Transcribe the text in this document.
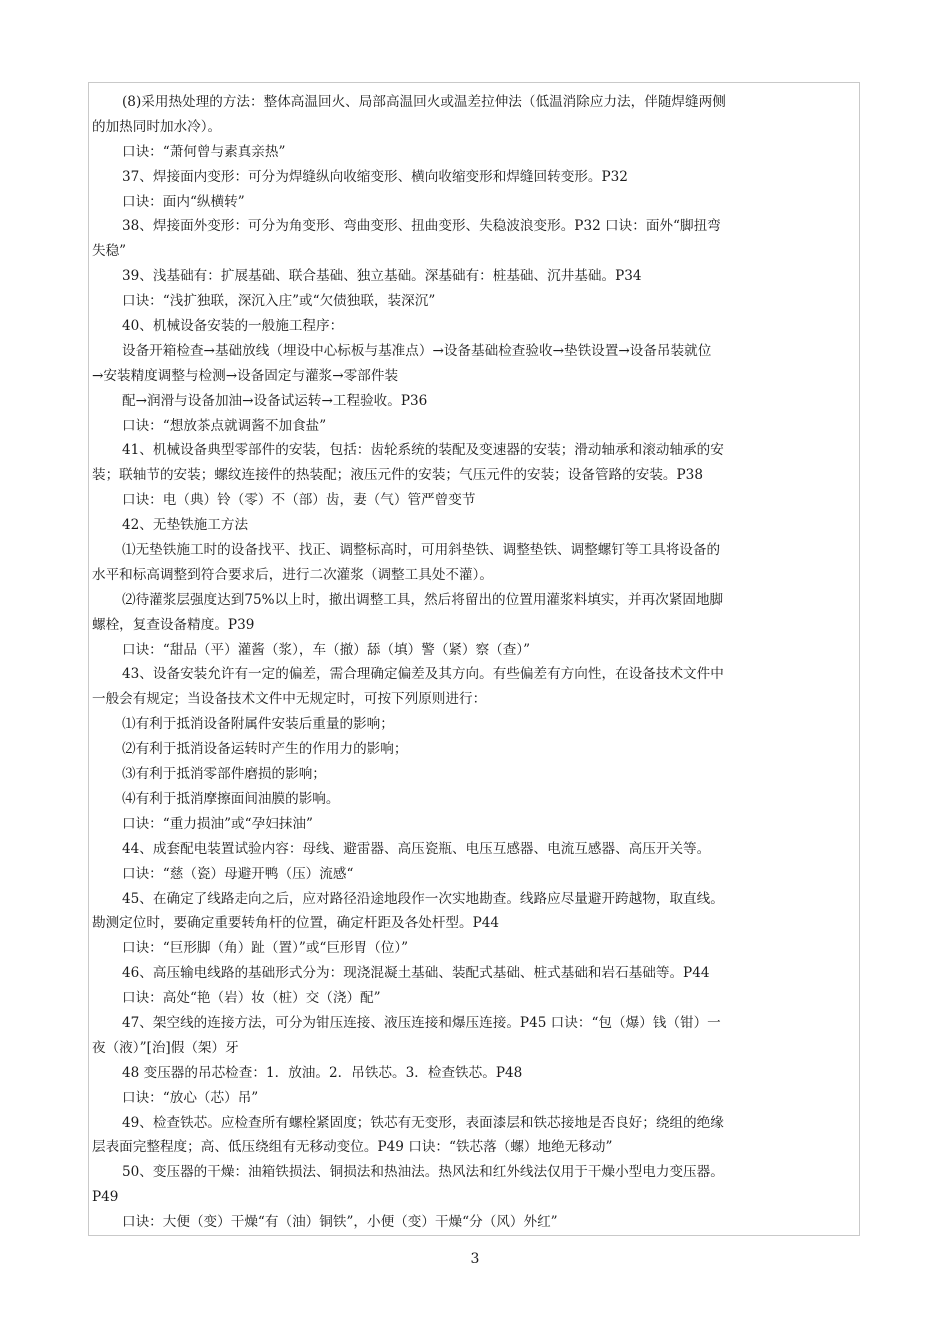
(8)采用热处理的方法：整体高温回火、局部高温回火或温差拉伸法（低温消除应力法，伴随焊缝两侧
的加热同时加水冷）。
口诀：“萧何曾与素真亲热”
37、焊接面内变形：可分为焊缝纵向收缩变形、横向收缩变形和焊缝回转变形。P32
口诀：面内“纵横转”
38、焊接面外变形：可分为角变形、弯曲变形、扭曲变形、失稳波浪变形。P32 口诀：面外“脚扭弯
失稳”
39、浅基础有：扩展基础、联合基础、独立基础。深基础有：桩基础、沉井基础。P34
口诀：“浅扩独联，深沉入庄”或“欠债独联，装深沉”
40、机械设备安装的一般施工程序：
设备开箱检查→基础放线（埋设中心标板与基准点）→设备基础检查验收→垫铁设置→设备吊装就位
→安装精度调整与检测→设备固定与灌浆→零部件装
配→润滑与设备加油→设备试运转→工程验收。P36
口诀：“想放茶点就调酱不加食盐”
41、机械设备典型零部件的安装，包括：齿轮系统的装配及变速器的安装；滑动轴承和滚动轴承的安
装；联轴节的安装；螺纹连接件的热装配；液压元件的安装；气压元件的安装；设备管路的安装。P38
口诀：电（典）铃（零）不（部）齿，妻（气）管严曾变节
42、无垫铁施工方法
⑴无垫铁施工时的设备找平、找正、调整标高时，可用斜垫铁、调整垫铁、调整螺钉等工具将设备的
水平和标高调整到符合要求后，进行二次灌浆（调整工具处不灌）。
⑵待灌浆层强度达到75%以上时，撤出调整工具，然后将留出的位置用灌浆料填实，并再次紧固地脚
螺栓，复查设备精度。P39
口诀：“甜品（平）灌酱（浆），车（撤）舔（填）警（紧）察（查）”
43、设备安装允许有一定的偏差，需合理确定偏差及其方向。有些偏差有方向性，在设备技术文件中
一般会有规定；当设备技术文件中无规定时，可按下列原则进行：
⑴有利于抵消设备附属件安装后重量的影响；
⑵有利于抵消设备运转时产生的作用力的影响；
⑶有利于抵消零部件磨损的影响；
⑷有利于抵消摩擦面间油膜的影响。
口诀：“重力损油”或“孕妇抹油”
44、成套配电装置试验内容：母线、避雷器、高压瓷瓶、电压互感器、电流互感器、高压开关等。
口诀：“慈（瓷）母避开鸭（压）流感“
45、在确定了线路走向之后，应对路径沿途地段作一次实地勘查。线路应尽量避开跨越物，取直线。
勘测定位时，要确定重要转角杆的位置，确定杆距及各处杆型。P44
口诀：“巨形脚（角）趾（置）”或“巨形胃（位）”
46、高压输电线路的基础形式分为：现浇混凝土基础、装配式基础、桩式基础和岩石基础等。P44
口诀：高处“艳（岩）妆（桩）交（浇）配”
47、架空线的连接方法，可分为钳压连接、液压连接和爆压连接。P45 口诀：“包（爆）钱（钳）一
夜（液）”[治]假（架）牙
48 变压器的吊芯检查：1．放油。2．吊铁芯。3．检查铁芯。P48
口诀：“放心（芯）吊”
49、检查铁芯。应检查所有螺栓紧固度；铁芯有无变形，表面漆层和铁芯接地是否良好；绕组的绝缘
层表面完整程度；高、低压绕组有无移动变位。P49 口诀：“铁芯落（螺）地绝无移动”
50、变压器的干燥：油箱铁损法、铜损法和热油法。热风法和红外线法仅用于干燥小型电力变压器。
P49
口诀：大便（变）干燥“有（油）铜铁”，小便（变）干燥“分（风）外红”
3
